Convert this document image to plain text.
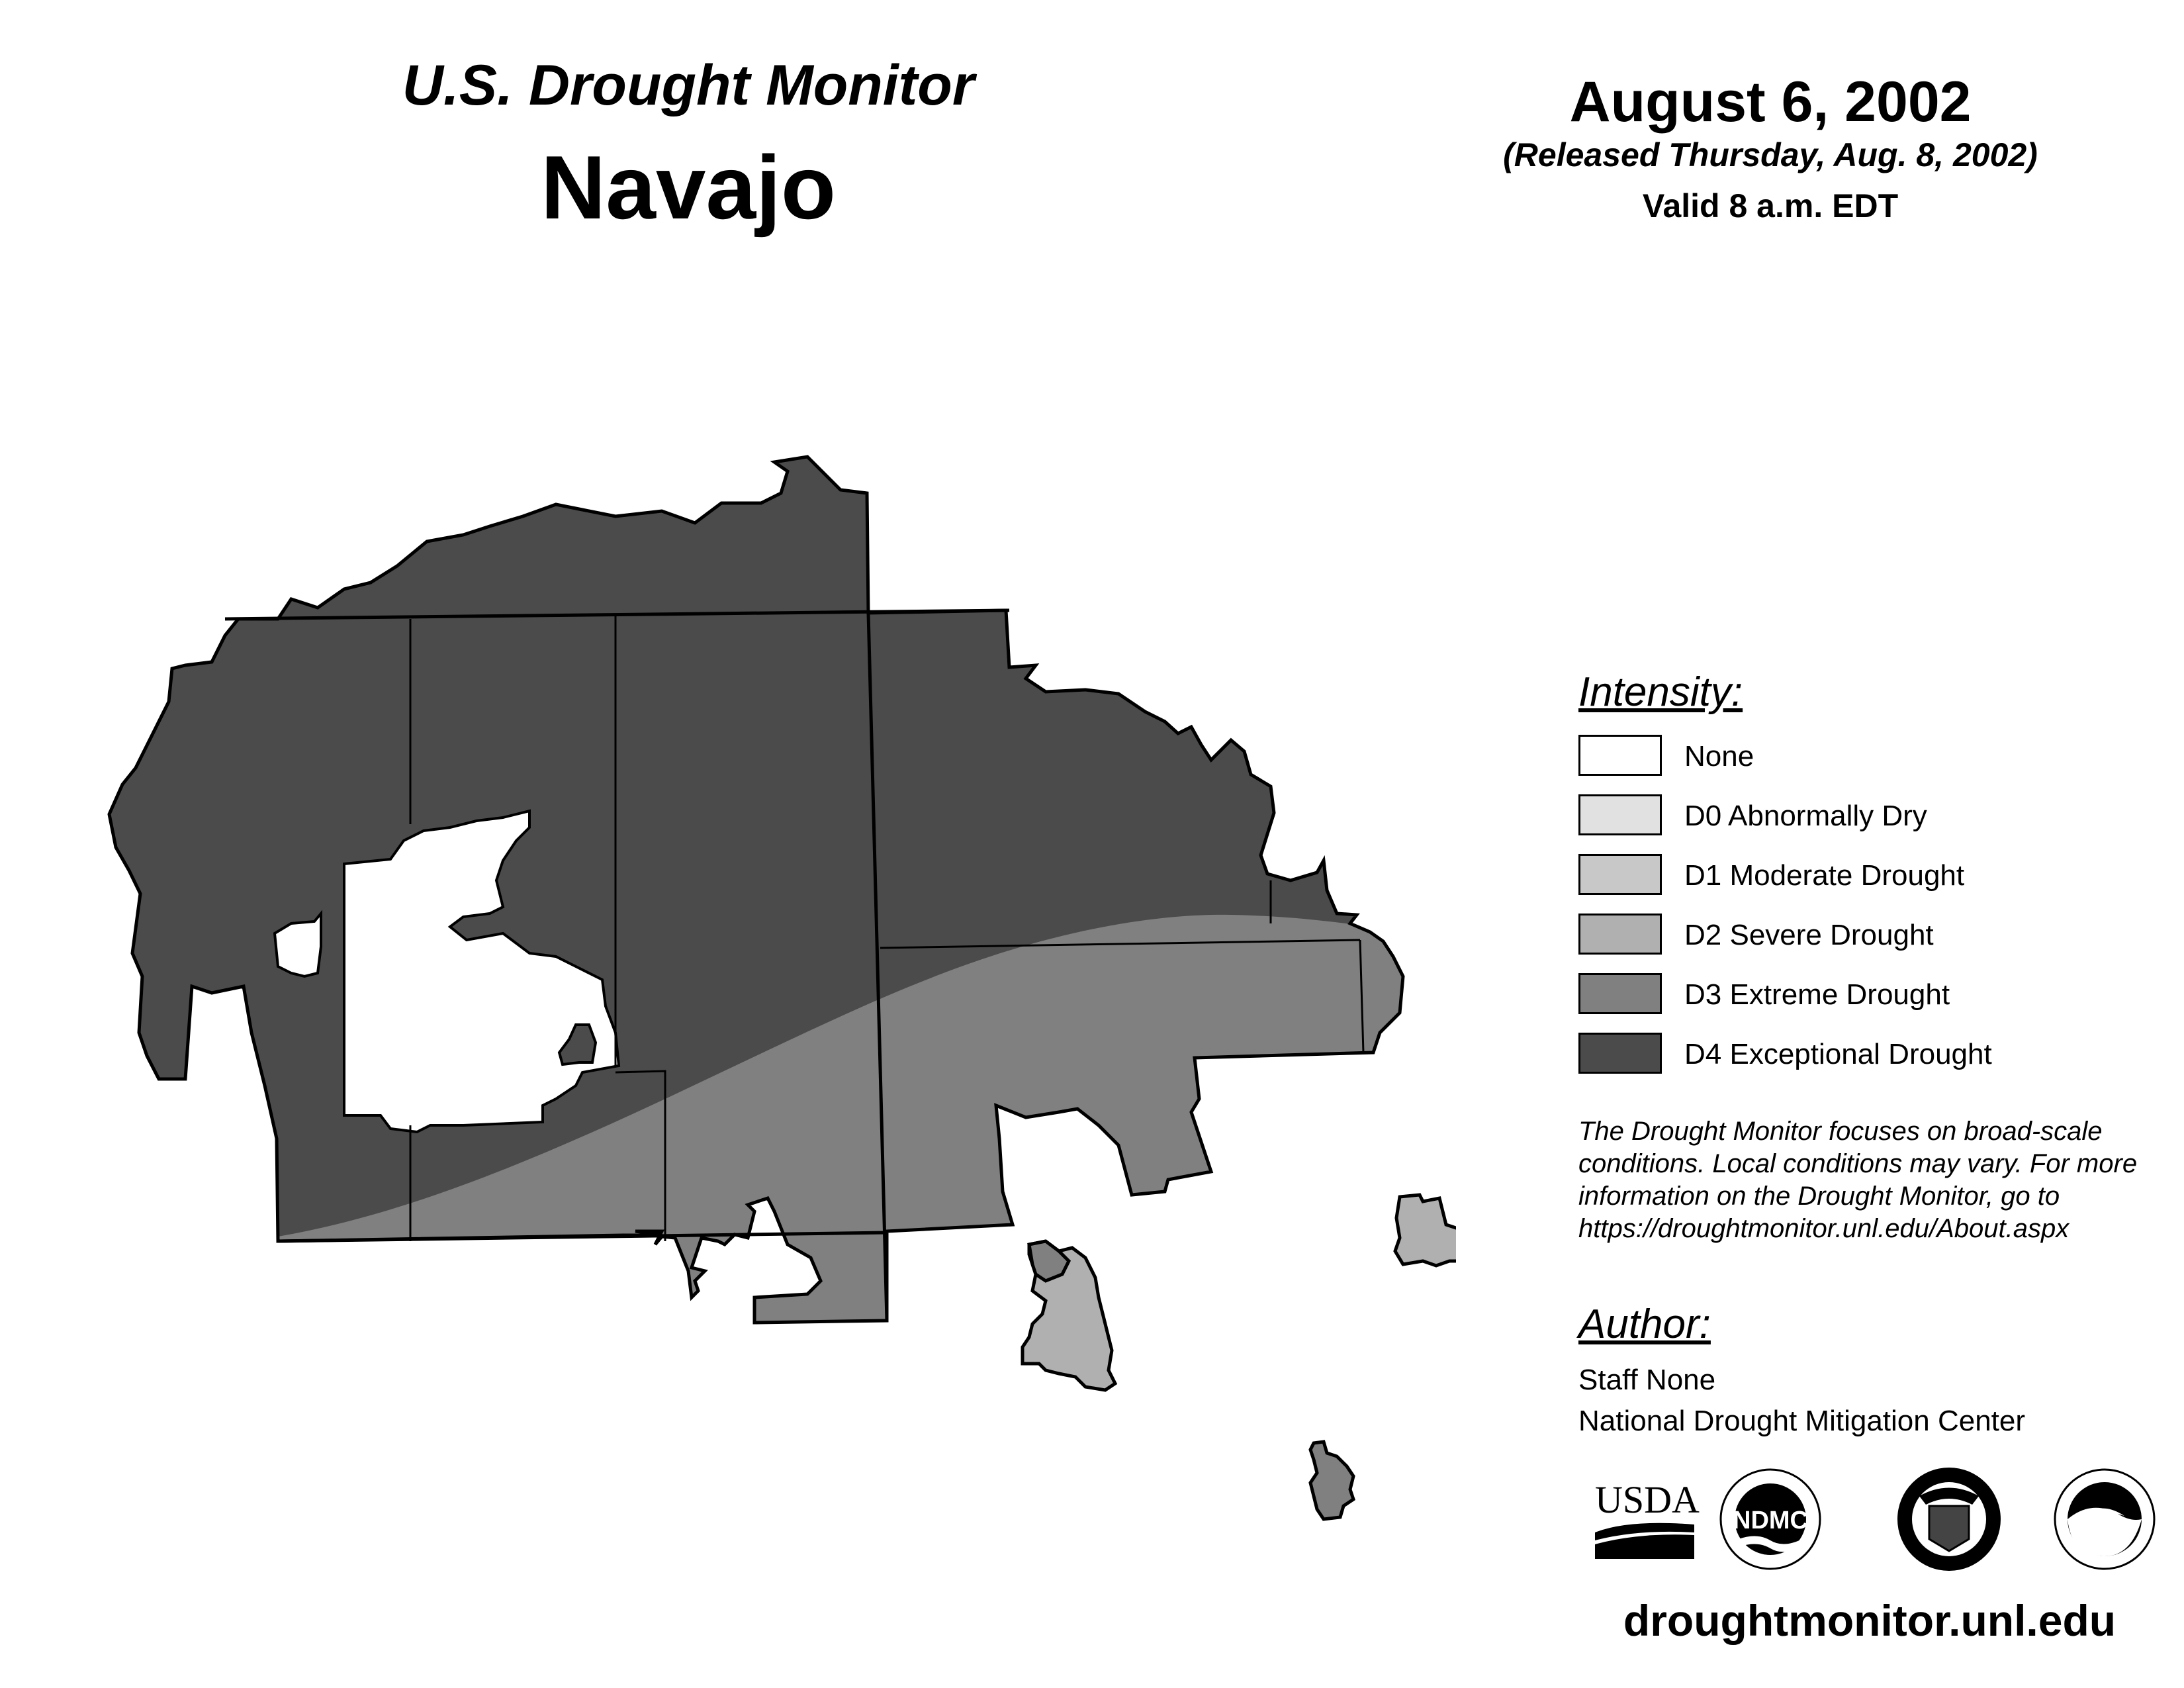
U.S. Drought Monitor
Navajo
August 6, 2002
(Released Thursday, Aug. 8, 2002)
Valid 8 a.m. EDT
Intensity:
None
D0 Abnormally Dry
D1 Moderate Drought
D2 Severe Drought
D3 Extreme Drought
D4 Exceptional Drought
The Drought Monitor focuses on broad-scale
conditions. Local conditions may vary. For more
information on the Drought Monitor, go to
https://droughtmonitor.unl.edu/About.aspx
Author:
Staff None
National Drought Mitigation Center
USDA NDMC
droughtmonitor.unl.edu
